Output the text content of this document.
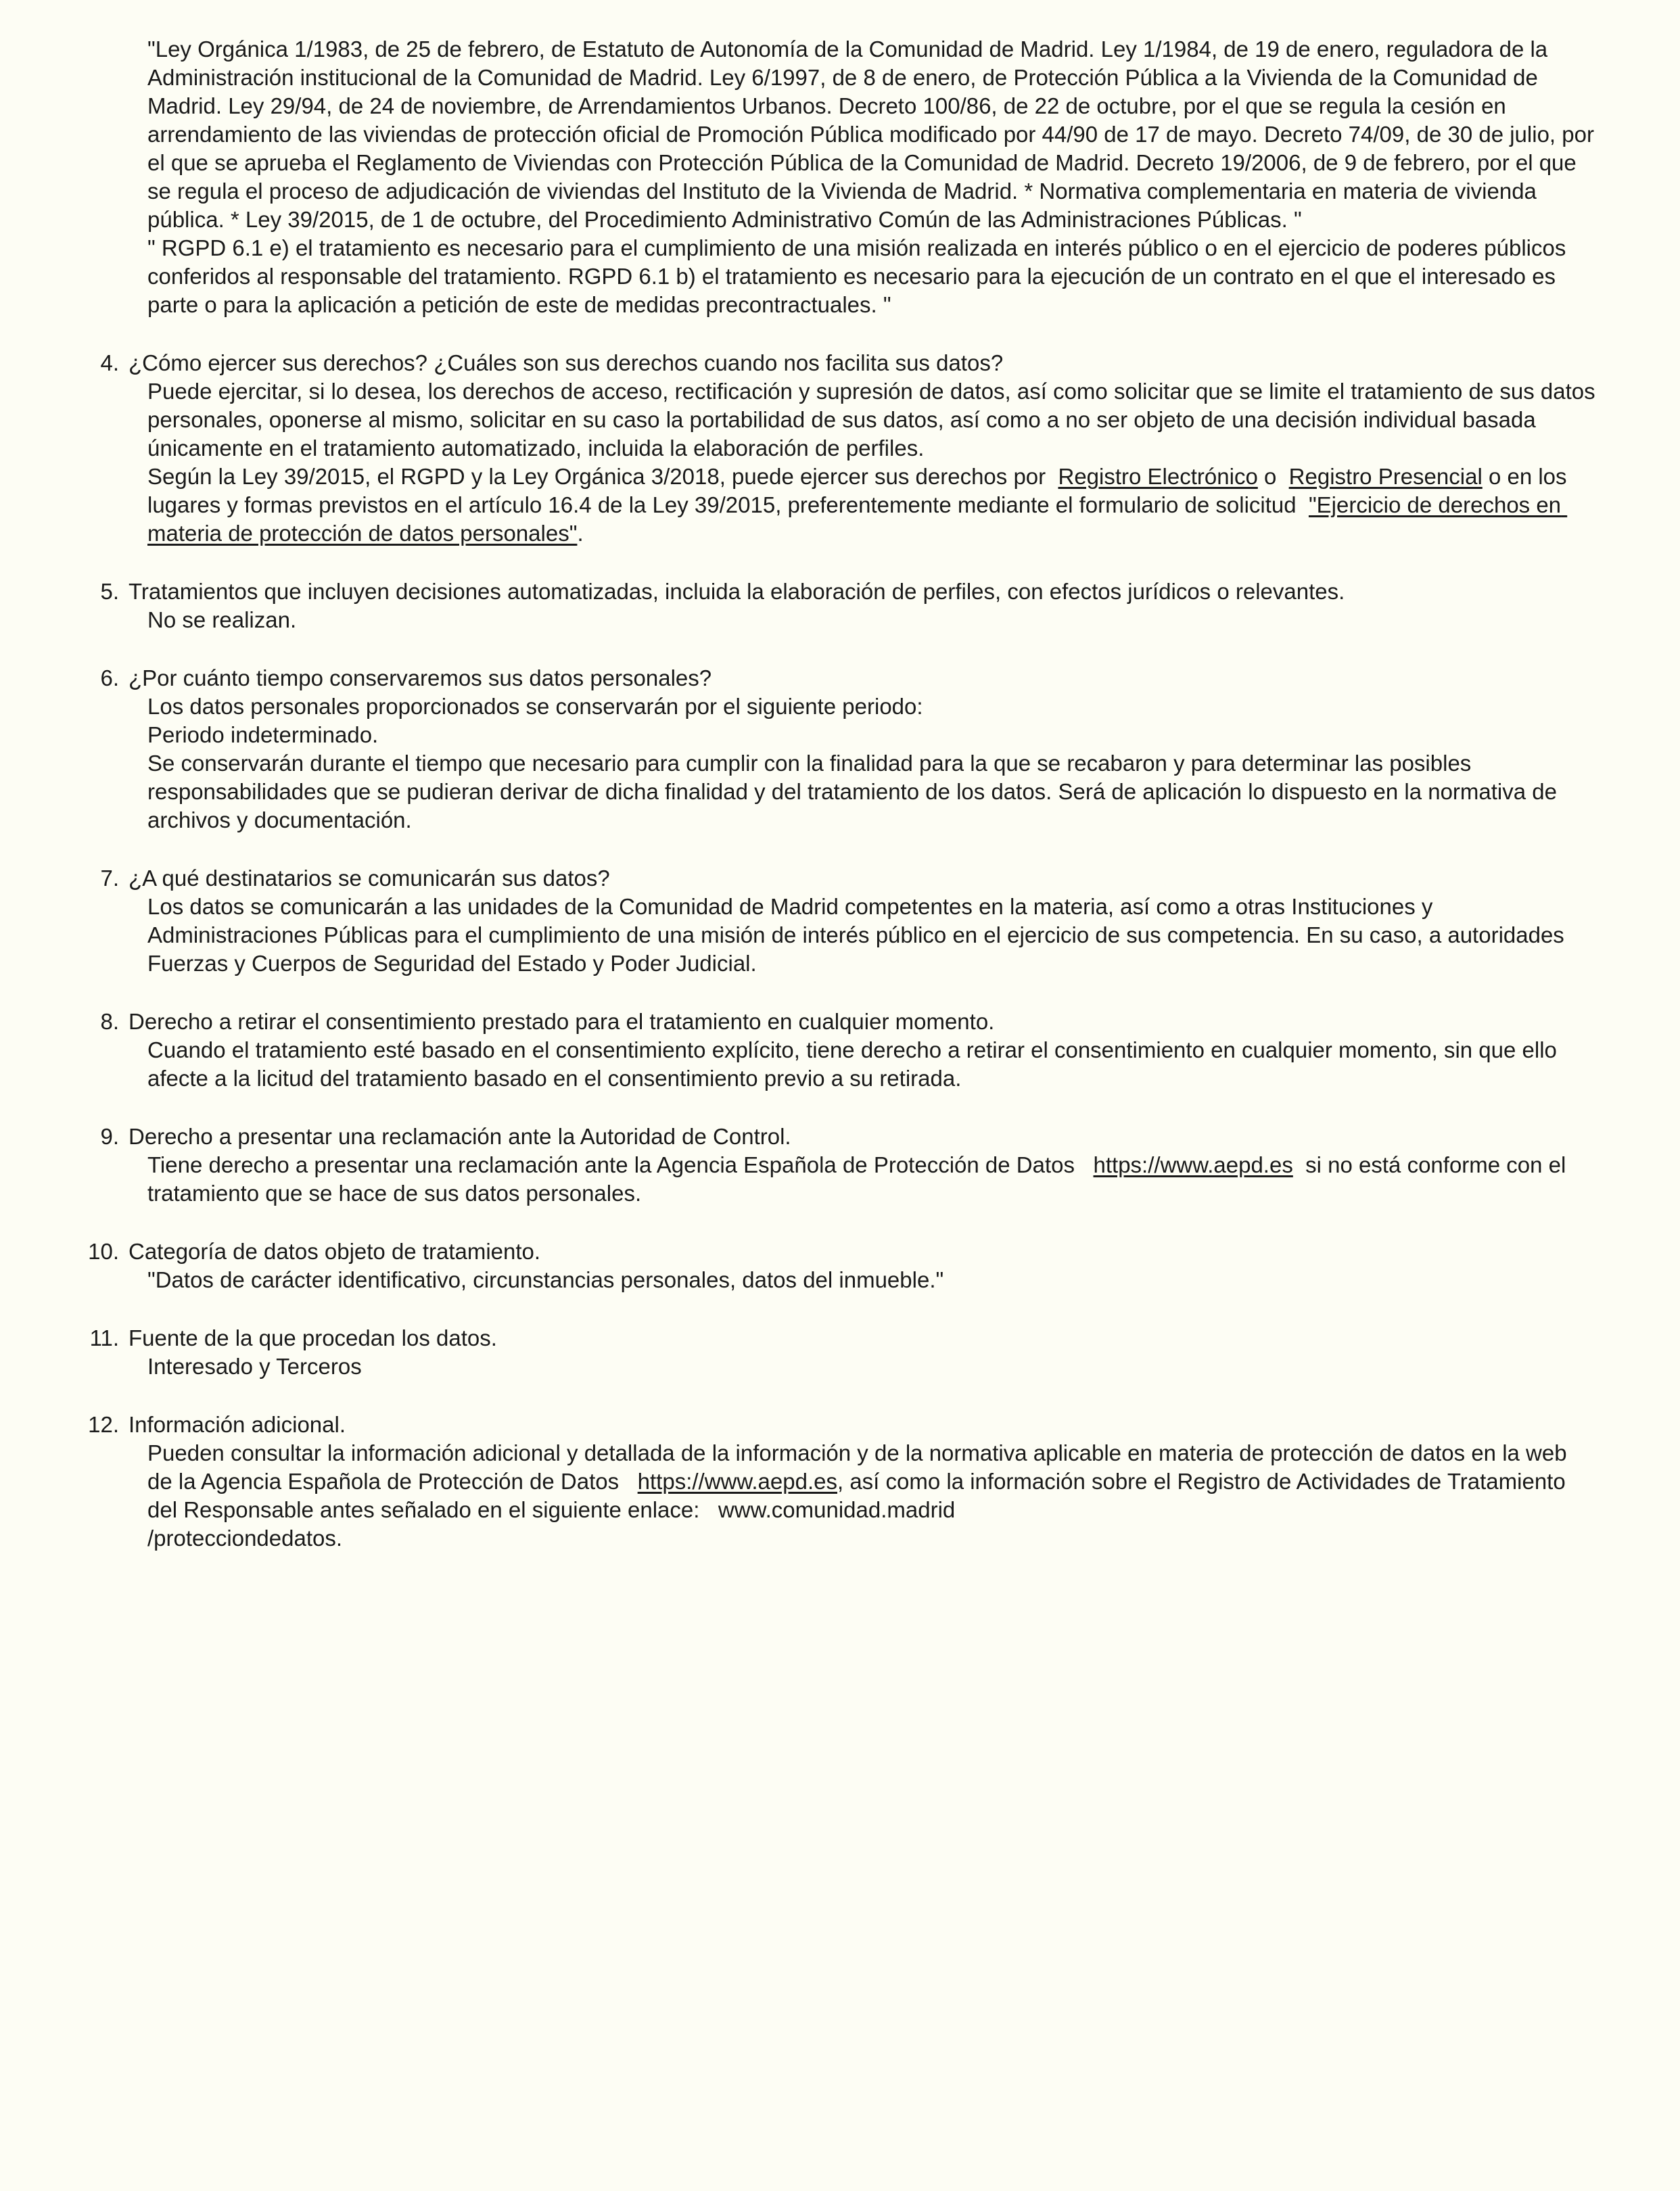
"Ley Orgánica 1/1983, de 25 de febrero, de Estatuto de Autonomía de la Comunidad de Madrid. Ley 1/1984, de 19 de enero, reguladora de la Administración institucional de la Comunidad de Madrid. Ley 6/1997, de 8 de enero, de Protección Pública a la Vivienda de la Comunidad de Madrid. Ley 29/94, de 24 de noviembre, de Arrendamientos Urbanos. Decreto 100/86, de 22 de octubre, por el que se regula la cesión en arrendamiento de las viviendas de protección oficial de Promoción Pública modificado por 44/90 de 17 de mayo. Decreto 74/09, de 30 de julio, por el que se aprueba el Reglamento de Viviendas con Protección Pública de la Comunidad de Madrid. Decreto 19/2006, de 9 de febrero, por el que se regula el proceso de adjudicación de viviendas del Instituto de la Vivienda de Madrid. * Normativa complementaria en materia de vivienda pública. * Ley 39/2015, de 1 de octubre, del Procedimiento Administrativo Común de las Administraciones Públicas. "
" RGPD 6.1 e) el tratamiento es necesario para el cumplimiento de una misión realizada en interés público o en el ejercicio de poderes públicos conferidos al responsable del tratamiento. RGPD 6.1 b) el tratamiento es necesario para la ejecución de un contrato en el que el interesado es parte o para la aplicación a petición de este de medidas precontractuales. "
4. ¿Cómo ejercer sus derechos? ¿Cuáles son sus derechos cuando nos facilita sus datos?
Puede ejercitar, si lo desea, los derechos de acceso, rectificación y supresión de datos, así como solicitar que se limite el tratamiento de sus datos personales, oponerse al mismo, solicitar en su caso la portabilidad de sus datos, así como a no ser objeto de una decisión individual basada únicamente en el tratamiento automatizado, incluida la elaboración de perfiles.
Según la Ley 39/2015, el RGPD y la Ley Orgánica 3/2018, puede ejercer sus derechos por  Registro Electrónico o  Registro Presencial o en los lugares y formas previstos en el artículo 16.4 de la Ley 39/2015, preferentemente mediante el formulario de solicitud  "Ejercicio de derechos en materia de protección de datos personales".
5. Tratamientos que incluyen decisiones automatizadas, incluida la elaboración de perfiles, con efectos jurídicos o relevantes.
No se realizan.
6. ¿Por cuánto tiempo conservaremos sus datos personales?
Los datos personales proporcionados se conservarán por el siguiente periodo:
Periodo indeterminado.
Se conservarán durante el tiempo que necesario para cumplir con la finalidad para la que se recabaron y para determinar las posibles responsabilidades que se pudieran derivar de dicha finalidad y del tratamiento de los datos. Será de aplicación lo dispuesto en la normativa de archivos y documentación.
7. ¿A qué destinatarios se comunicarán sus datos?
Los datos se comunicarán a las unidades de la Comunidad de Madrid competentes en la materia, así como a otras Instituciones y Administraciones Públicas para el cumplimiento de una misión de interés público en el ejercicio de sus competencia. En su caso, a autoridades Fuerzas y Cuerpos de Seguridad del Estado y Poder Judicial.
8. Derecho a retirar el consentimiento prestado para el tratamiento en cualquier momento.
Cuando el tratamiento esté basado en el consentimiento explícito, tiene derecho a retirar el consentimiento en cualquier momento, sin que ello afecte a la licitud del tratamiento basado en el consentimiento previo a su retirada.
9. Derecho a presentar una reclamación ante la Autoridad de Control.
Tiene derecho a presentar una reclamación ante la Agencia Española de Protección de Datos   https://www.aepd.es  si no está conforme con el tratamiento que se hace de sus datos personales.
10. Categoría de datos objeto de tratamiento.
"Datos de carácter identificativo, circunstancias personales, datos del inmueble."
11. Fuente de la que procedan los datos.
Interesado y Terceros
12. Información adicional.
Pueden consultar la información adicional y detallada de la información y de la normativa aplicable en materia de protección de datos en la web de la Agencia Española de Protección de Datos   https://www.aepd.es, así como la información sobre el Registro de Actividades de Tratamiento del Responsable antes señalado en el siguiente enlace:   www.comunidad.madrid
/protecciondedatos.
